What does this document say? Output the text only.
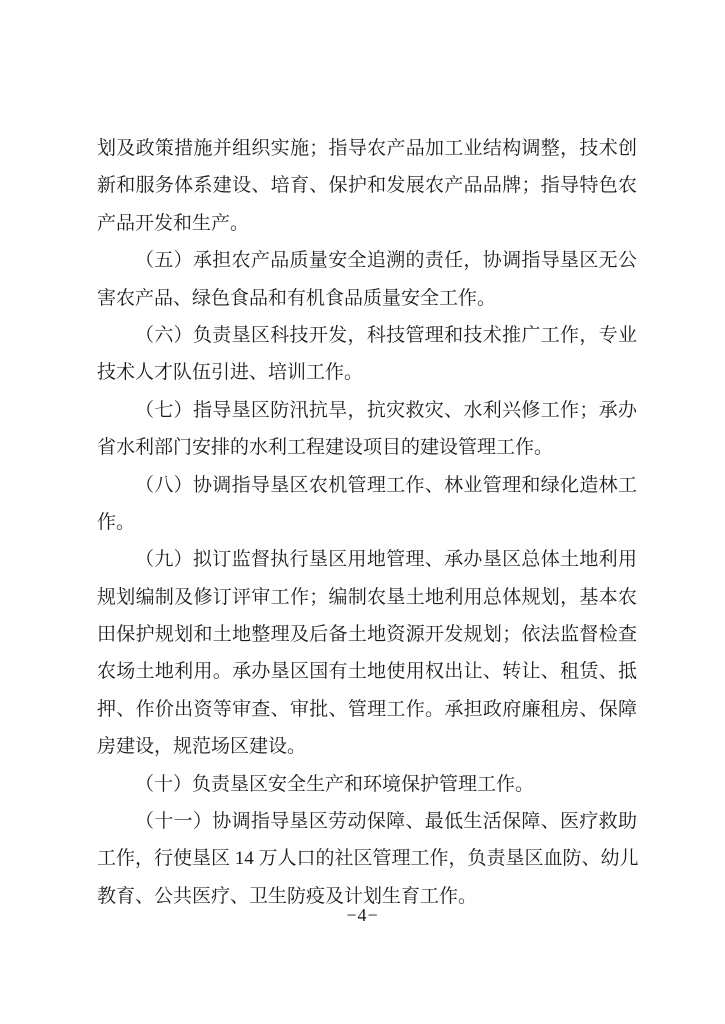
划及政策措施并组织实施；指导农产品加工业结构调整，技术创
新和服务体系建设、培育、保护和发展农产品品牌；指导特色农
产品开发和生产。
（五）承担农产品质量安全追溯的责任，协调指导垦区无公
害农产品、绿色食品和有机食品质量安全工作。
（六）负责垦区科技开发，科技管理和技术推广工作，专业
技术人才队伍引进、培训工作。
（七）指导垦区防汛抗旱，抗灾救灾、水利兴修工作；承办
省水利部门安排的水利工程建设项目的建设管理工作。
（八）协调指导垦区农机管理工作、林业管理和绿化造林工
作。
（九）拟订监督执行垦区用地管理、承办垦区总体土地利用
规划编制及修订评审工作；编制农垦土地利用总体规划，基本农
田保护规划和土地整理及后备土地资源开发规划；依法监督检查
农场土地利用。承办垦区国有土地使用权出让、转让、租赁、抵
押、作价出资等审查、审批、管理工作。承担政府廉租房、保障
房建设，规范场区建设。
（十）负责垦区安全生产和环境保护管理工作。
（十一）协调指导垦区劳动保障、最低生活保障、医疗救助
工作，行使垦区 14 万人口的社区管理工作，负责垦区血防、幼儿
教育、公共医疗、卫生防疫及计划生育工作。
−4−
